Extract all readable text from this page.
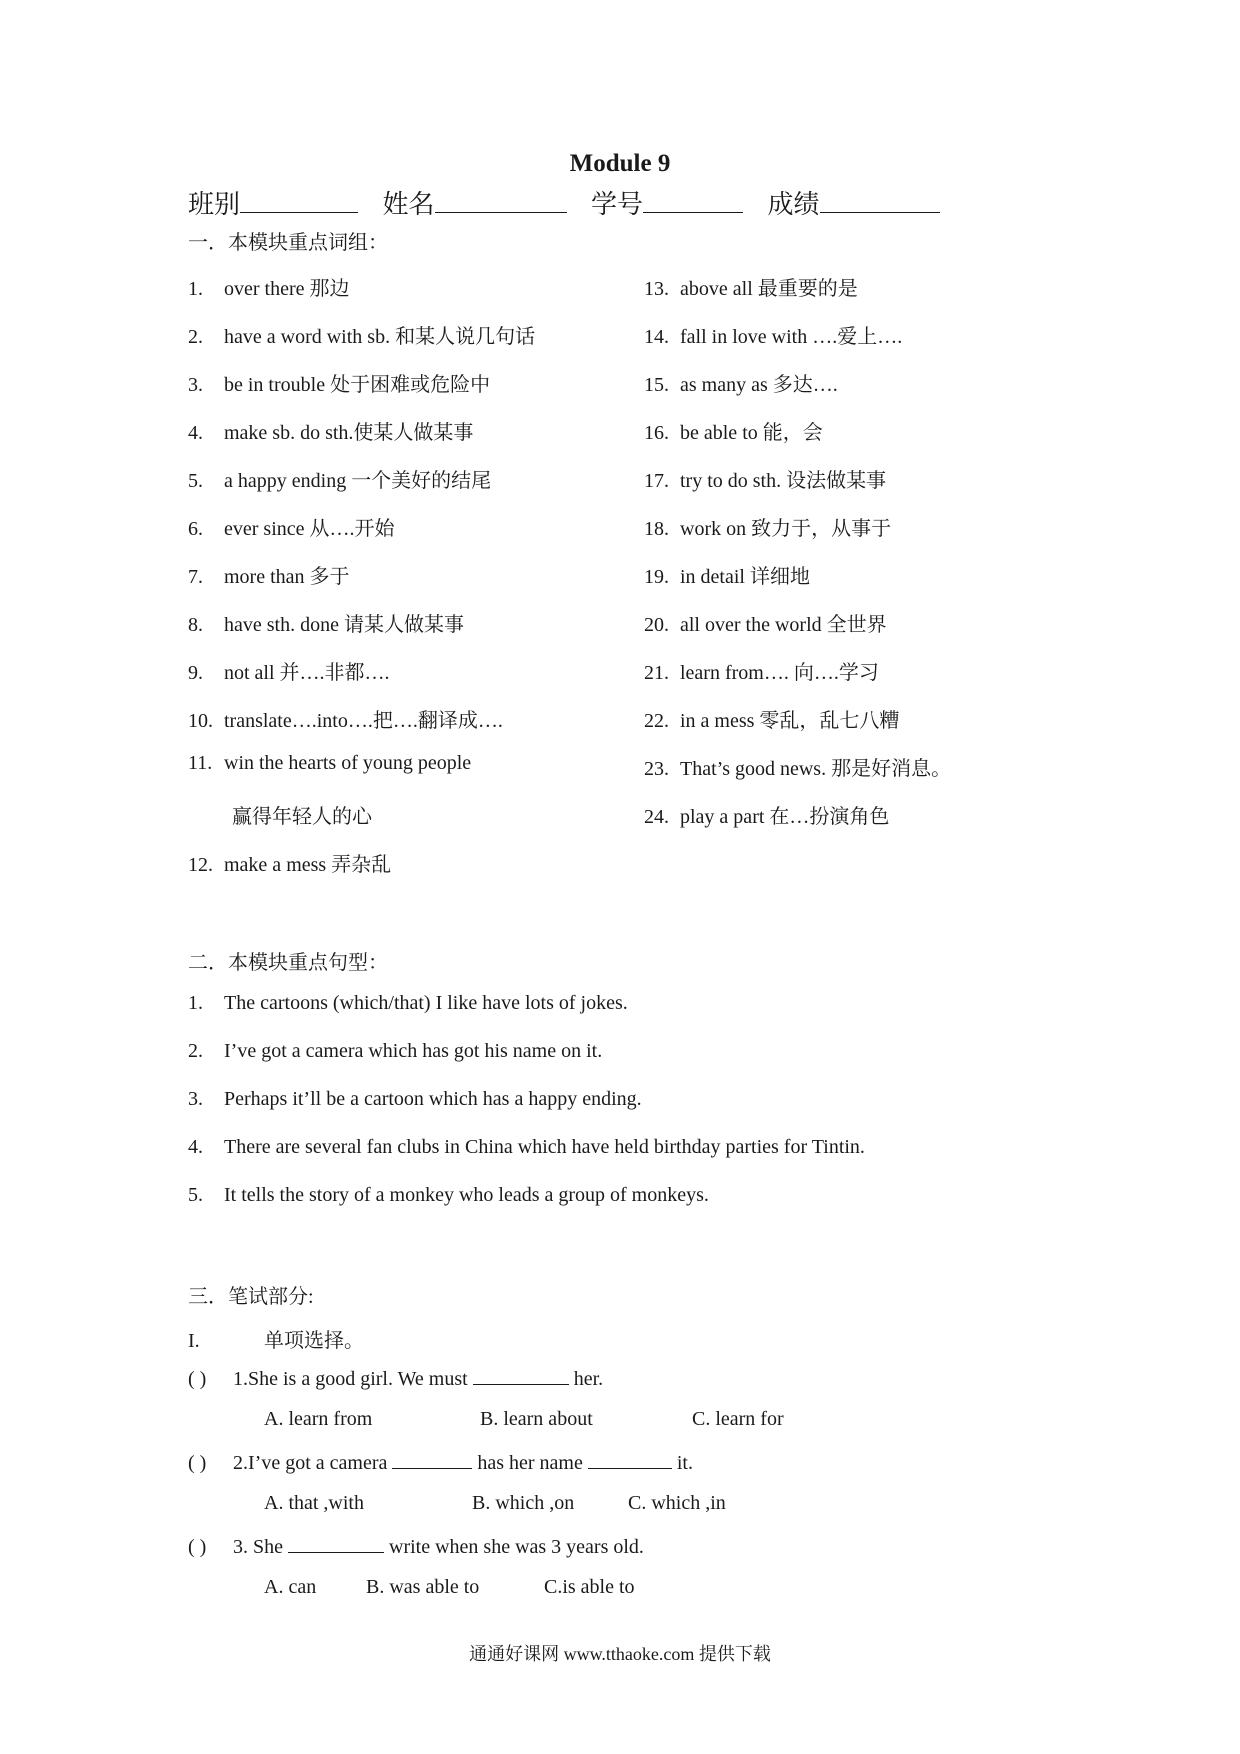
Module 9
班别	姓名	学号	成绩
一．本模块重点词组：
1. over there 那边
2. have a word with sb. 和某人说几句话
3. be in trouble 处于困难或危险中
4. make sb. do sth.使某人做某事
5. a happy ending 一个美好的结尾
6. ever since 从….开始
7. more than 多于
8. have sth. done 请某人做某事
9. not all 并….非都….
10. translate….into….把….翻译成….
11. win the hearts of young people
赢得年轻人的心
12. make a mess 弄杂乱
13. above all 最重要的是
14. fall in love with ….爱上….
15. as many as 多达….
16. be able to 能，会
17. try to do sth. 设法做某事
18. work on 致力于，从事于
19. in detail 详细地
20. all over the world 全世界
21. learn from…. 向….学习
22. in a mess 零乱，乱七八糟
23. That’s good news. 那是好消息。
24. play a part 在…扮演角色
二．本模块重点句型：
1. The cartoons (which/that) I like have lots of jokes.
2. I’ve got a camera which has got his name on it.
3. Perhaps it’ll be a cartoon which has a happy ending.
4. There are several fan clubs in China which have held birthday parties for Tintin.
5. It tells the story of a monkey who leads a group of monkeys.
三．笔试部分:
I.	单项选择。
( ) 1.She is a good girl. We must	her.
A. learn from	B. learn about	C. learn for
( ) 2.I’ve got a camera	has her name	it.
A. that ,with	B. which ,on	C. which ,in
( ) 3. She	write when she was 3 years old.
A. can B. was able to	C.is able to
通通好课网 www.tthaoke.com 提供下载
